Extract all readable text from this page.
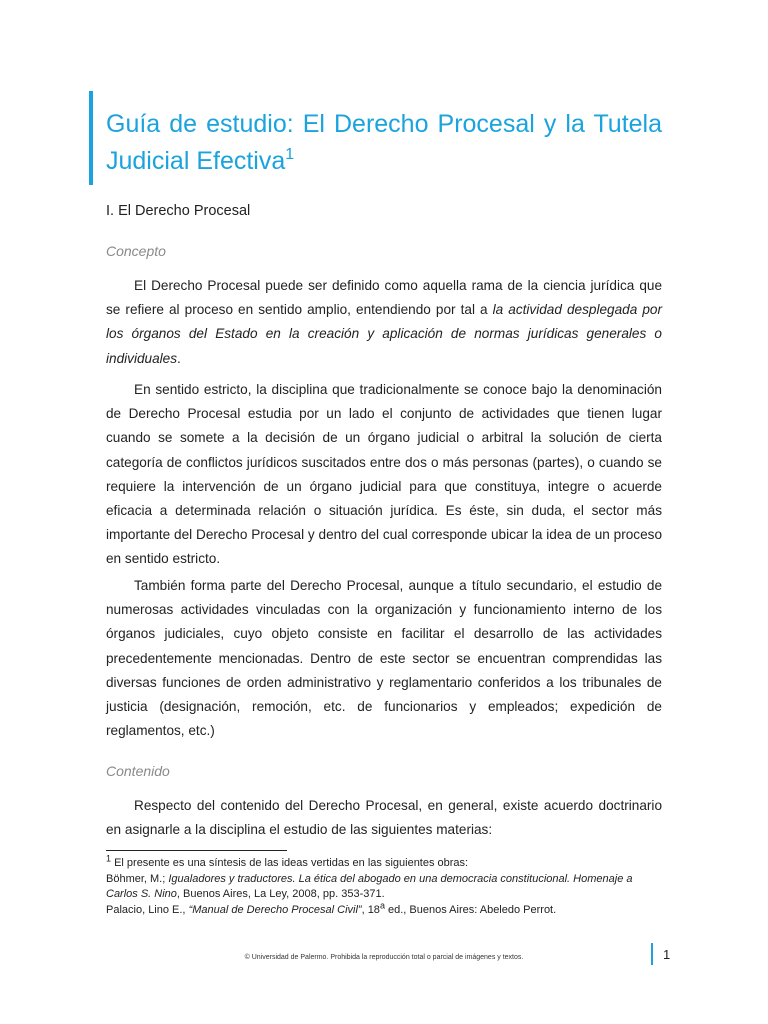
Guía de estudio: El Derecho Procesal y la Tutela Judicial Efectiva$^1$
I. El Derecho Procesal
Concepto

El Derecho Procesal puede ser definido como aquella rama de la ciencia jurídica que se refiere al proceso en sentido amplio, entendiendo por tal a la actividad desplegada por los órganos del Estado en la creación y aplicación de normas jurídicas generales o individuales.

En sentido estricto, la disciplina que tradicionalmente se conoce bajo la denominación de Derecho Procesal estudia por un lado el conjunto de actividades que tienen lugar cuando se somete a la decisión de un órgano judicial o arbitral la solución de cierta categoría de conflictos jurídicos suscitados entre dos o más personas (partes), o cuando se requiere la intervención de un órgano judicial para que constituya, integre o acuerde eficacia a determinada relación o situación jurídica. Es éste, sin duda, el sector más importante del Derecho Procesal y dentro del cual corresponde ubicar la idea de un proceso en sentido estricto.

También forma parte del Derecho Procesal, aunque a título secundario, el estudio de numerosas actividades vinculadas con la organización y funcionamiento interno de los órganos judiciales, cuyo objeto consiste en facilitar el desarrollo de las actividades precedentemente mencionadas. Dentro de este sector se encuentran comprendidas las diversas funciones de orden administrativo y reglamentario conferidos a los tribunales de justicia (designación, remoción, etc. de funcionarios y empleados; expedición de reglamentos, etc.)

Contenido

Respecto del contenido del Derecho Procesal, en general, existe acuerdo doctrinario en asignarle a la disciplina el estudio de las siguientes materias:

$^1$ El presente es una síntesis de las ideas vertidas en las siguientes obras:

Böhmer, M.; Igualadores y traductores. La ética del abogado en una democracia constitucional. Homenaje a Carlos S. Nino, Buenos Aires, La Ley, 2008, pp. 353-371.

Palacio, Lino E., “Manual de Derecho Procesal Civil”, 18$^a$ ed., Buenos Aires: Abeledo Perrot.

© Universidad de Palermo. Prohibida la reproducción total o parcial de imágenes y textos.	1
